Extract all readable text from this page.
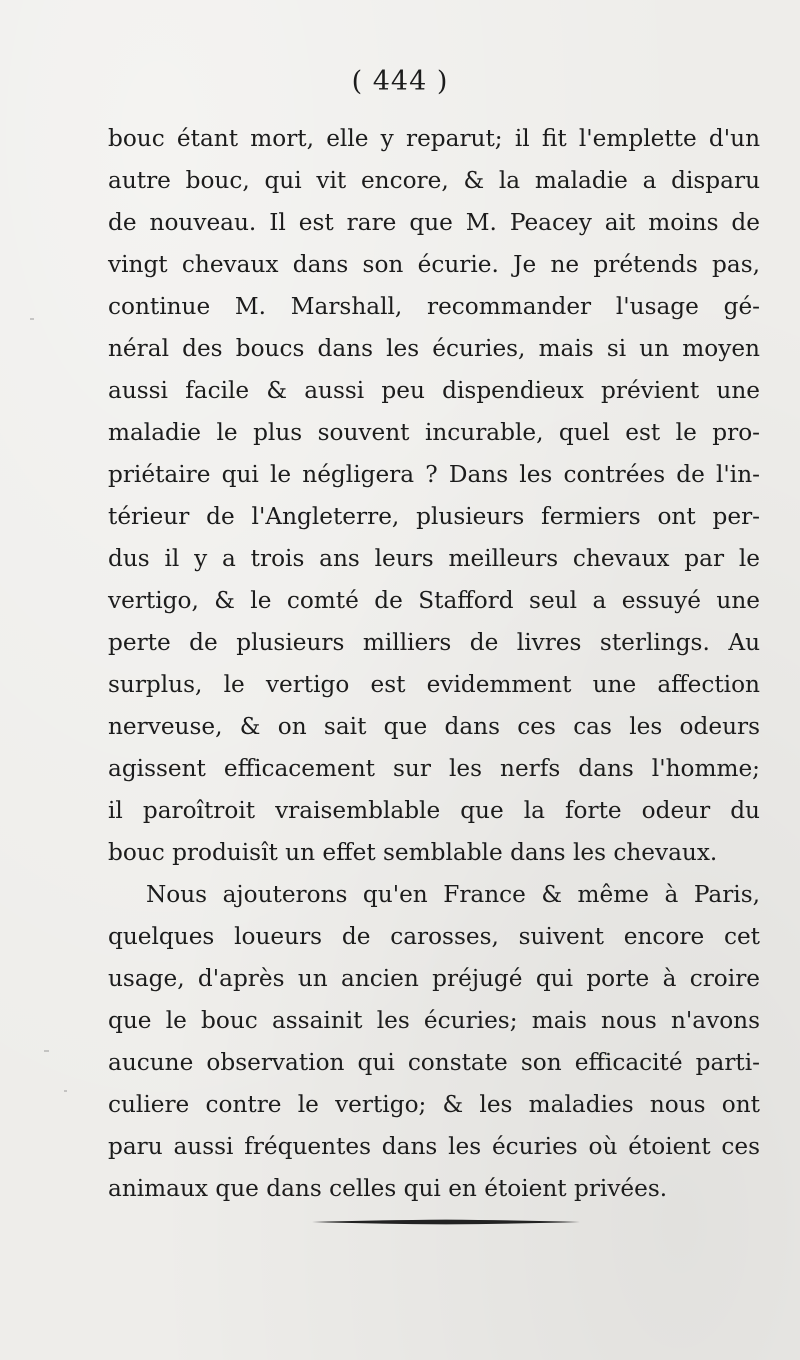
( 444 )
bouc étant mort, elle y reparut; il fit l'emplette d'un
autre bouc, qui vit encore, & la maladie a disparu
de nouveau. Il est rare que M. Peacey ait moins de
vingt chevaux dans son écurie. Je ne prétends pas,
continue M. Marshall, recommander l'usage gé-
néral des boucs dans les écuries, mais si un moyen
aussi facile & aussi peu dispendieux prévient une
maladie le plus souvent incurable, quel est le pro-
priétaire qui le négligera ? Dans les contrées de l'in-
térieur de l'Angleterre, plusieurs fermiers ont per-
dus il y a trois ans leurs meilleurs chevaux par le
vertigo, & le comté de Stafford seul a essuyé une
perte de plusieurs milliers de livres sterlings. Au
surplus, le vertigo est evidemment une affection
nerveuse, & on sait que dans ces cas les odeurs
agissent efficacement sur les nerfs dans l'homme;
il paroîtroit vraisemblable que la forte odeur du
bouc produisît un effet semblable dans les chevaux.
Nous ajouterons qu'en France & même à Paris,
quelques loueurs de carosses, suivent encore cet
usage, d'après un ancien préjugé qui porte à croire
que le bouc assainit les écuries; mais nous n'avons
aucune observation qui constate son efficacité parti-
culiere contre le vertigo; & les maladies nous ont
paru aussi fréquentes dans les écuries où étoient ces
animaux que dans celles qui en étoient privées.
